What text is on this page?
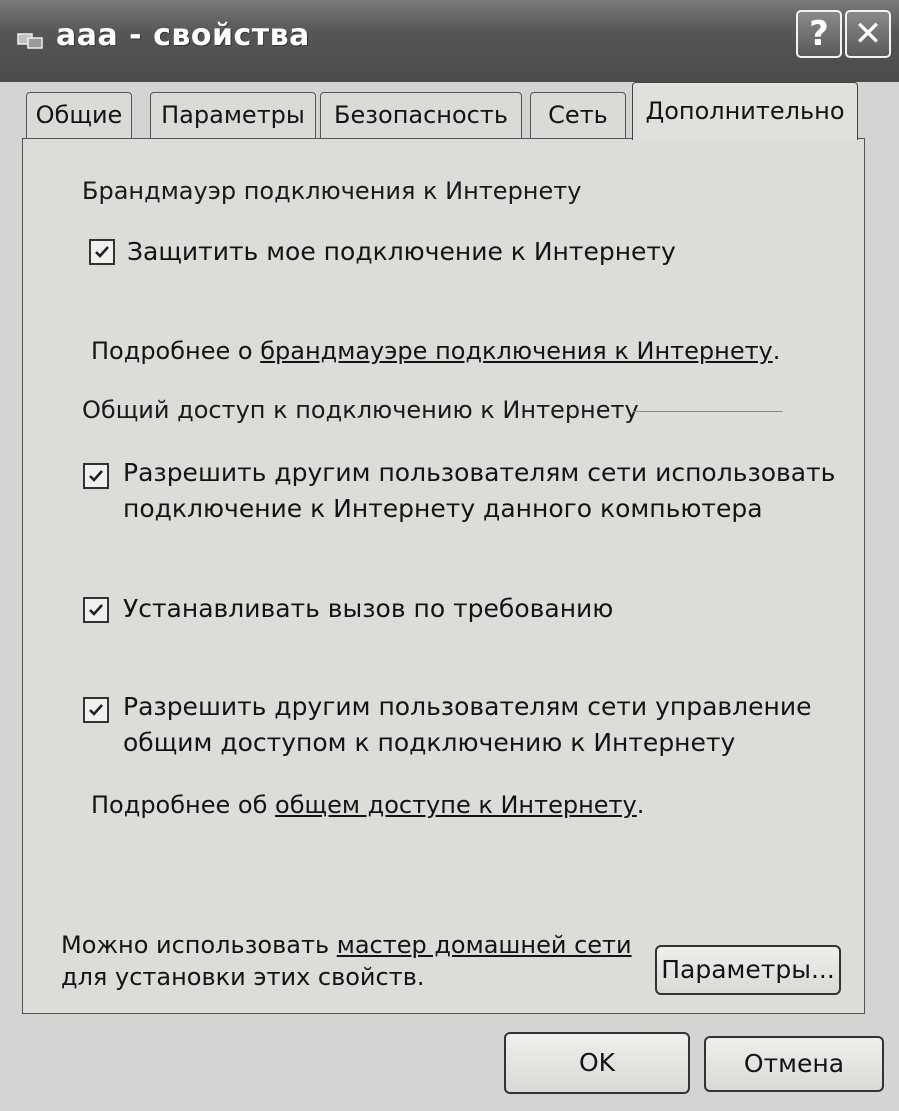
aaa - свойства	? ✕
Общие	Параметры	Безопасность	Сеть	Дополнительно
Брандмауэр подключения к Интернету
Защитить мое подключение к Интернету
Подробнее о брандмауэре подключения к Интернету.
Общий доступ к подключению к Интернету
Разрешить другим пользователям сети использовать
подключение к Интернету данного компьютера
Устанавливать вызов по требованию
Разрешить другим пользователям сети управление
общим доступом к подключению к Интернету
Подробнее об общем доступе к Интернету.
Можно использовать мастер домашней сети
для установки этих свойств.	Параметры...
OK	Отмена
